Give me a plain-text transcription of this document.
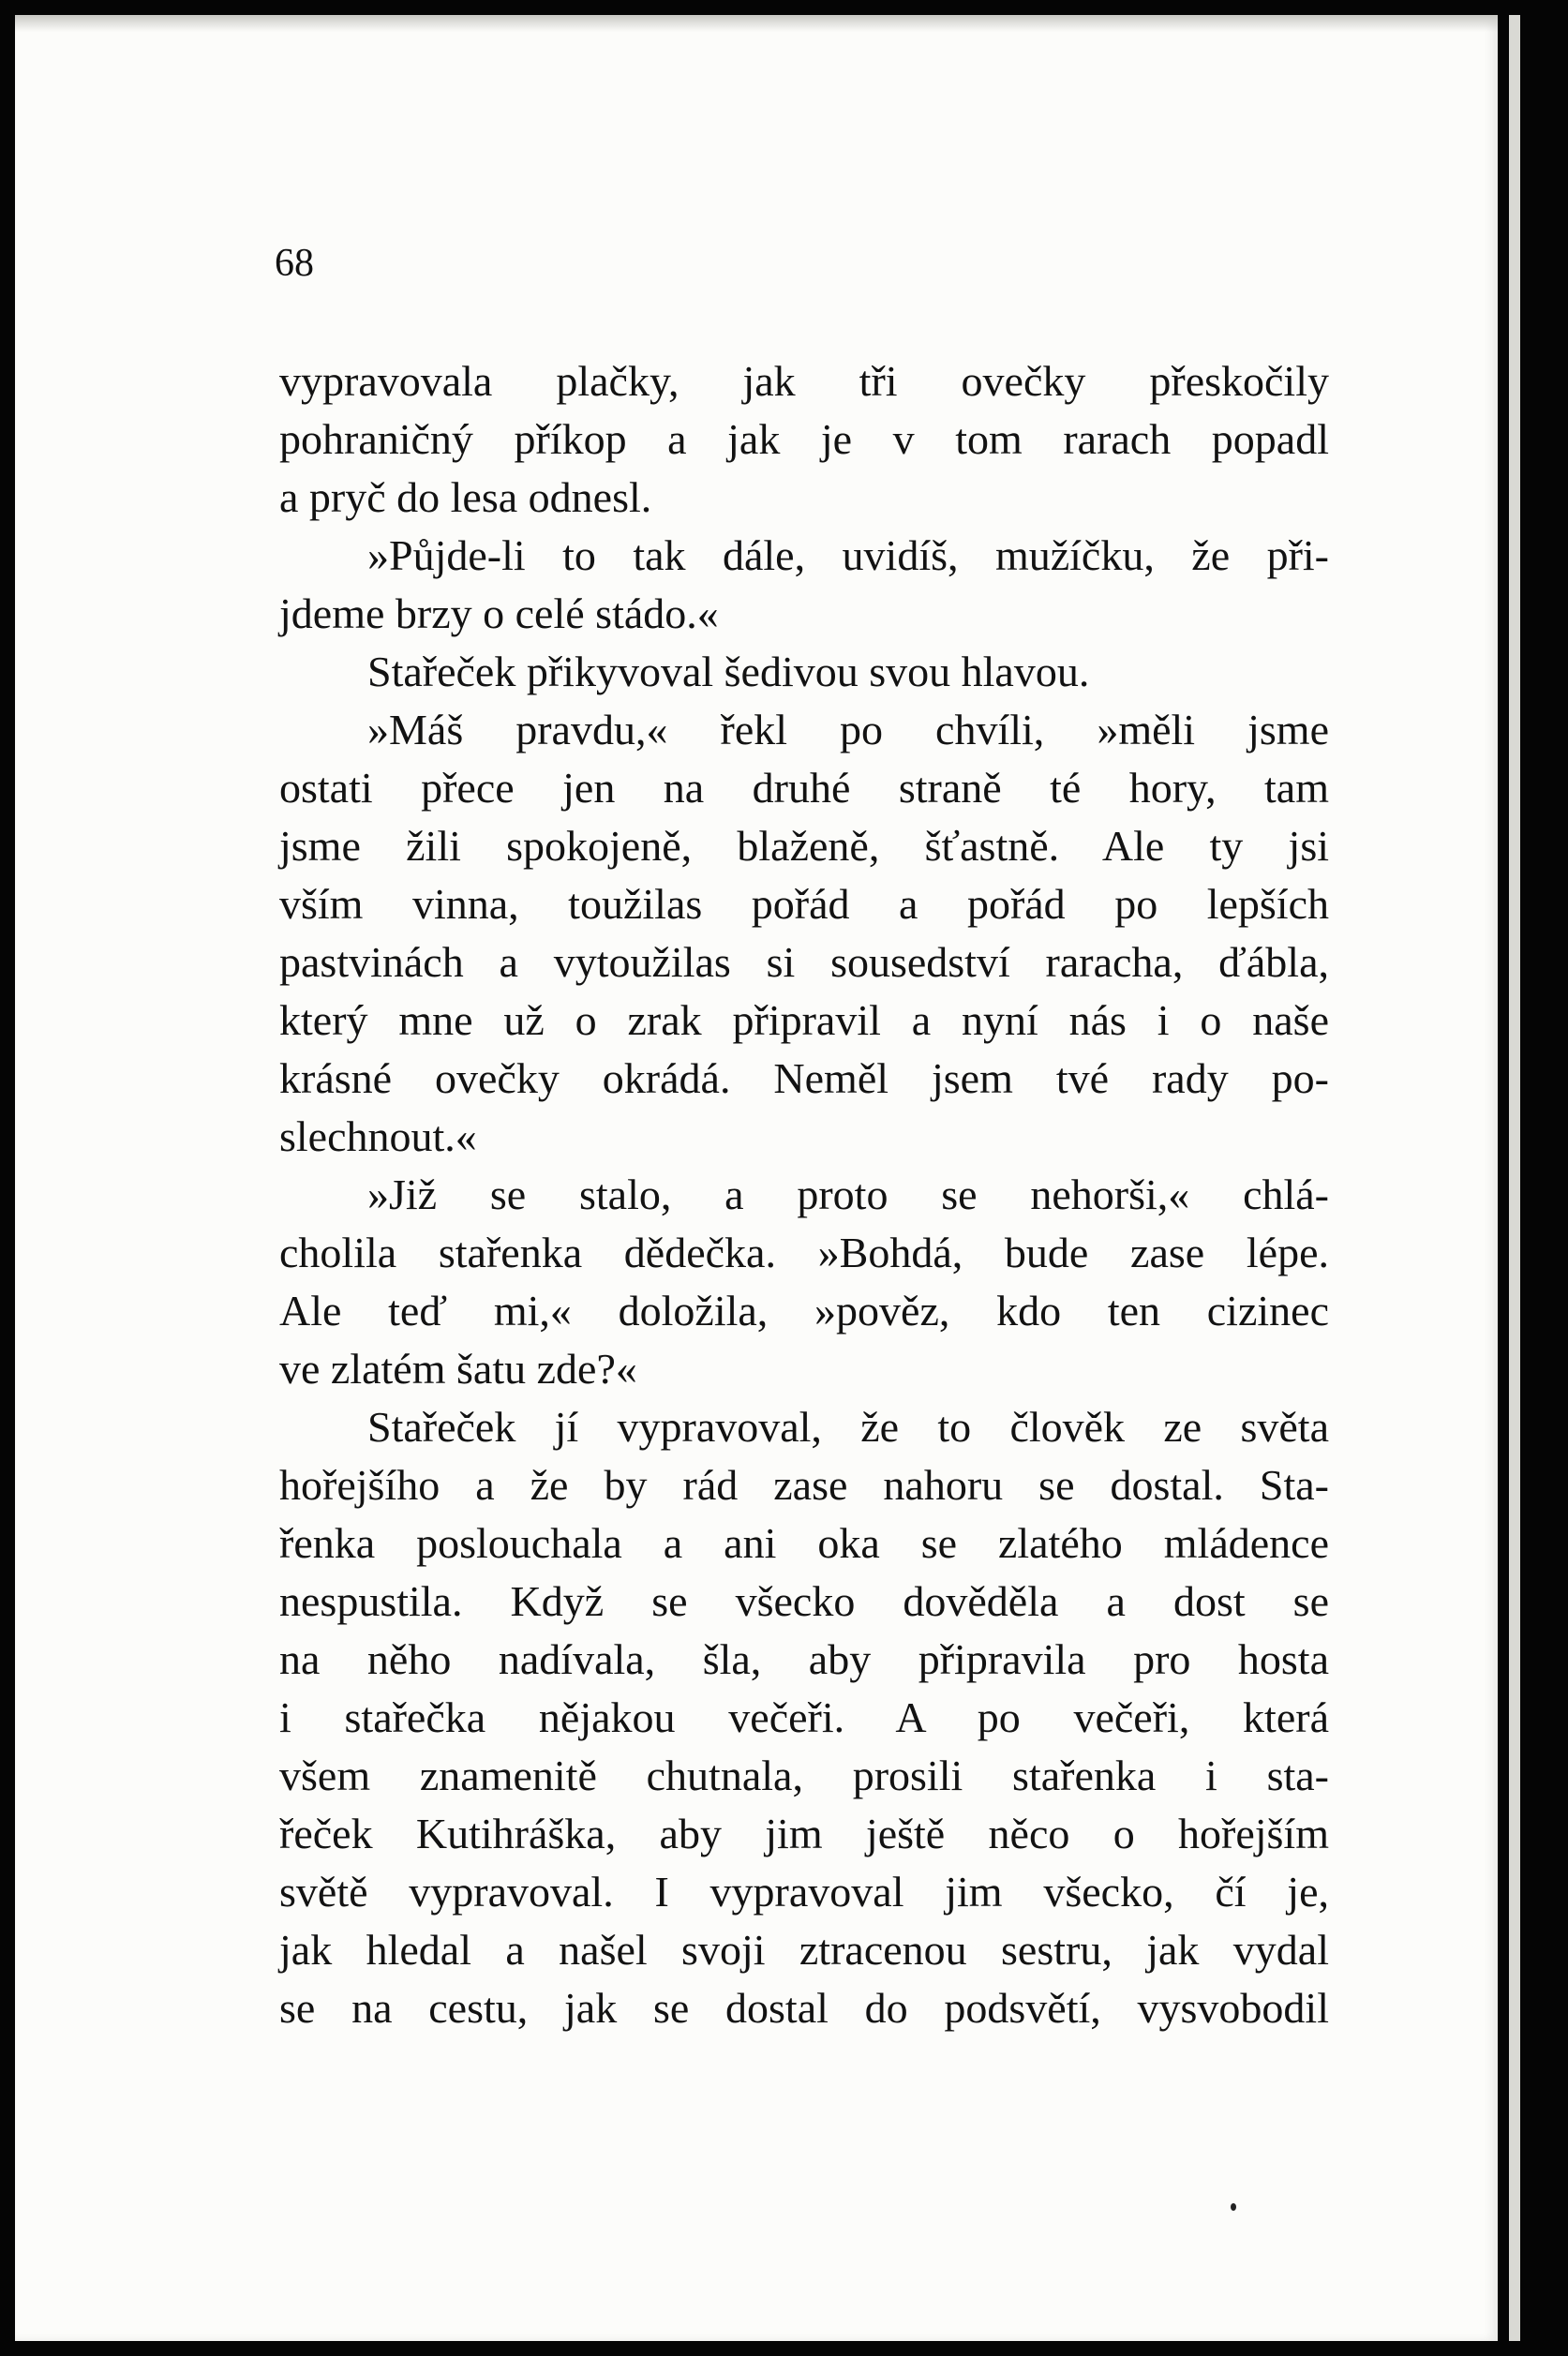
68
vypravovala plačky, jak tři ovečky přeskočily
pohraničný příkop a jak je v tom rarach popadl
a pryč do lesa odnesl.
»Půjde-li to tak dále, uvidíš, mužíčku, že při-
jdeme brzy o celé stádo.«
Stařeček přikyvoval šedivou svou hlavou.
»Máš pravdu,« řekl po chvíli, »měli jsme
ostati přece jen na druhé straně té hory, tam
jsme žili spokojeně, blaženě, šťastně. Ale ty jsi
vším vinna, toužilas pořád a pořád po lepších
pastvinách a vytoužilas si sousedství raracha, ďábla,
který mne už o zrak připravil a nyní nás i o naše
krásné ovečky okrádá. Neměl jsem tvé rady po-
slechnout.«
»Již se stalo, a proto se nehorši,« chlá-
cholila stařenka dědečka. »Bohdá, bude zase lépe.
Ale teď mi,« doložila, »pověz, kdo ten cizinec
ve zlatém šatu zde?«
Stařeček jí vypravoval, že to člověk ze světa
hořejšího a že by rád zase nahoru se dostal. Sta-
řenka poslouchala a ani oka se zlatého mládence
nespustila. Když se všecko dověděla a dost se
na něho nadívala, šla, aby připravila pro hosta
i stařečka nějakou večeři. A po večeři, která
všem znamenitě chutnala, prosili stařenka i sta-
řeček Kutihráška, aby jim ještě něco o hořejším
světě vypravoval. I vypravoval jim všecko, čí je,
jak hledal a našel svoji ztracenou sestru, jak vydal
se na cestu, jak se dostal do podsvětí, vysvobodil
